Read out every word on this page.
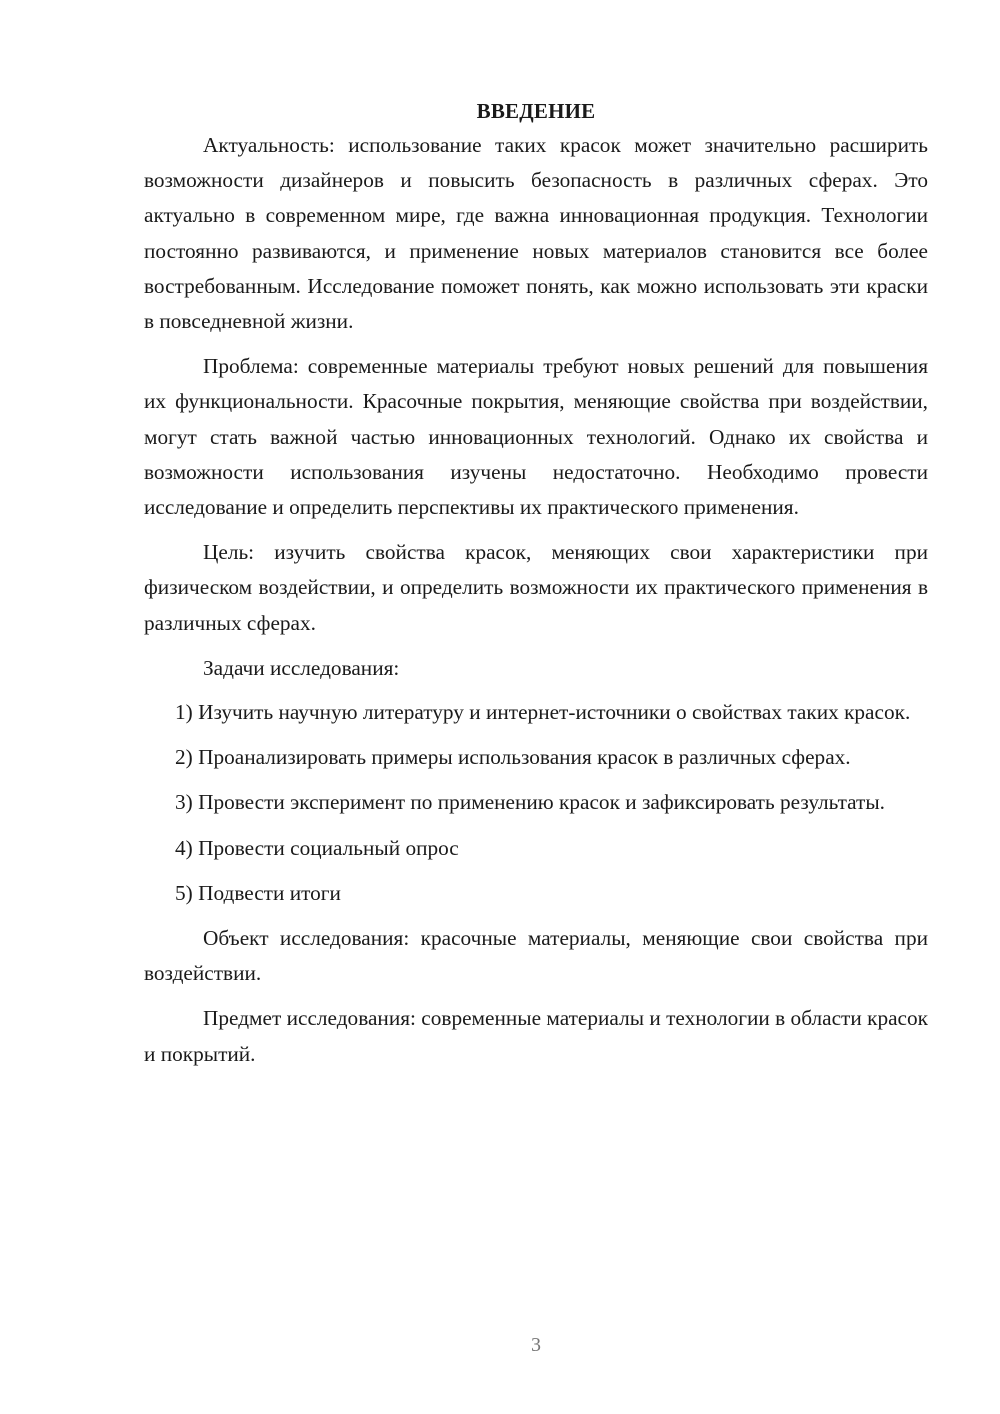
ВВЕДЕНИЕ

Актуальность: использование таких красок может значительно расширить возможности дизайнеров и повысить безопасность в различных сферах. Это актуально в современном мире, где важна инновационная продукция. Технологии постоянно развиваются, и применение новых материалов становится все более востребованным. Исследование поможет понять, как можно использовать эти краски в повседневной жизни.

Проблема: современные материалы требуют новых решений для повышения их функциональности. Красочные покрытия, меняющие свойства при воздействии, могут стать важной частью инновационных технологий. Однако их свойства и возможности использования изучены недостаточно. Необходимо провести исследование и определить перспективы их практического применения.

Цель: изучить свойства красок, меняющих свои характеристики при физическом воздействии, и определить возможности их практического применения в различных сферах.

Задачи исследования:

1) Изучить научную литературу и интернет-источники о свойствах таких красок.

2) Проанализировать примеры использования красок в различных сферах.

3) Провести эксперимент по применению красок и зафиксировать результаты.

4) Провести социальный опрос

5) Подвести итоги

Объект исследования: красочные материалы, меняющие свои свойства при воздействии.

Предмет исследования: современные материалы и технологии в области красок и покрытий.

3
